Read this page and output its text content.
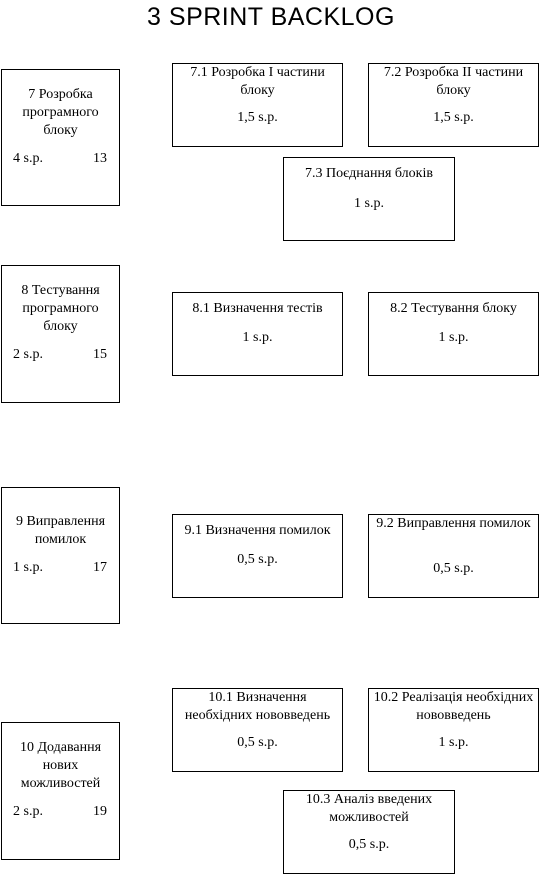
3 SPRINT BACKLOG
7 Розробка програмного блоку
4 s.p.	13
7.1 Розробка І частини блоку
1,5 s.p.
7.2 Розробка ІІ частини блоку
1,5 s.p.
7.3 Поєднання блоків
1 s.p.
8 Тестування програмного блоку
2 s.p.	15
8.1 Визначення тестів
1 s.p.
8.2 Тестування блоку
1 s.p.
9 Виправлення помилок
1 s.p.	17
9.1 Визначення помилок
0,5 s.p.
9.2 Виправлення помилок
0,5 s.p.
10.1 Визначення необхідних нововведень
0,5 s.p.
10.2 Реалізація необхідних нововведень
1 s.p.
10 Додавання нових можливостей
2 s.p.	19
10.3 Аналіз введених можливостей
0,5 s.p.
